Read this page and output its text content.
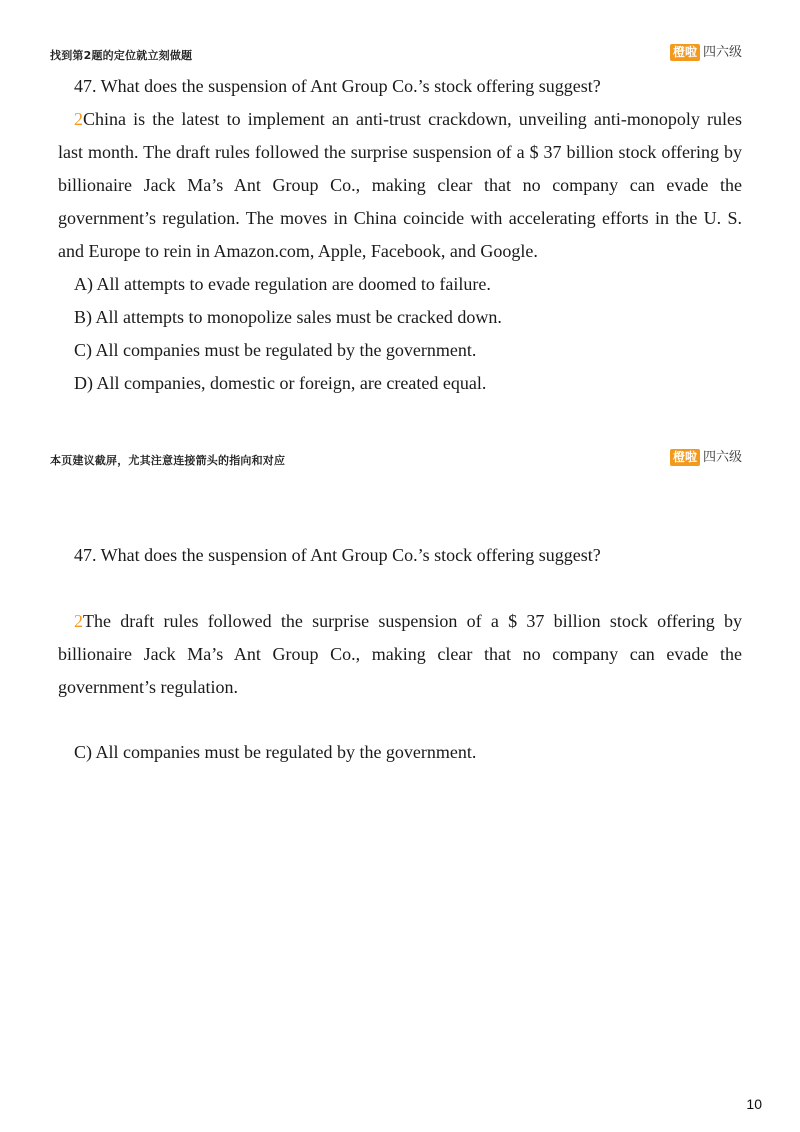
找到第2题的定位就立刻做题	橙啦 四六级

47. What does the suspension of Ant Group Co.’s stock offering suggest?

2China is the latest to implement an anti-trust crackdown, unveiling anti-monopoly rules last month. The draft rules followed the surprise suspension of a $ 37 billion stock offering by billionaire Jack Ma’s Ant Group Co., making clear that no company can evade the government’s regulation. The moves in China coincide with accelerating efforts in the U. S. and Europe to rein in Amazon.com, Apple, Facebook, and Google.

A) All attempts to evade regulation are doomed to failure.

B) All attempts to monopolize sales must be cracked down.

C) All companies must be regulated by the government.

D) All companies, domestic or foreign, are created equal.

本页建议截屏，尤其注意连接箭头的指向和对应	橙啦 四六级

47. What does the suspension of Ant Group Co.’s stock offering suggest?

2The draft rules followed the surprise suspension of a $ 37 billion stock offering by billionaire Jack Ma’s Ant Group Co., making clear that no company can evade the government’s regulation.

C) All companies must be regulated by the government.

10
